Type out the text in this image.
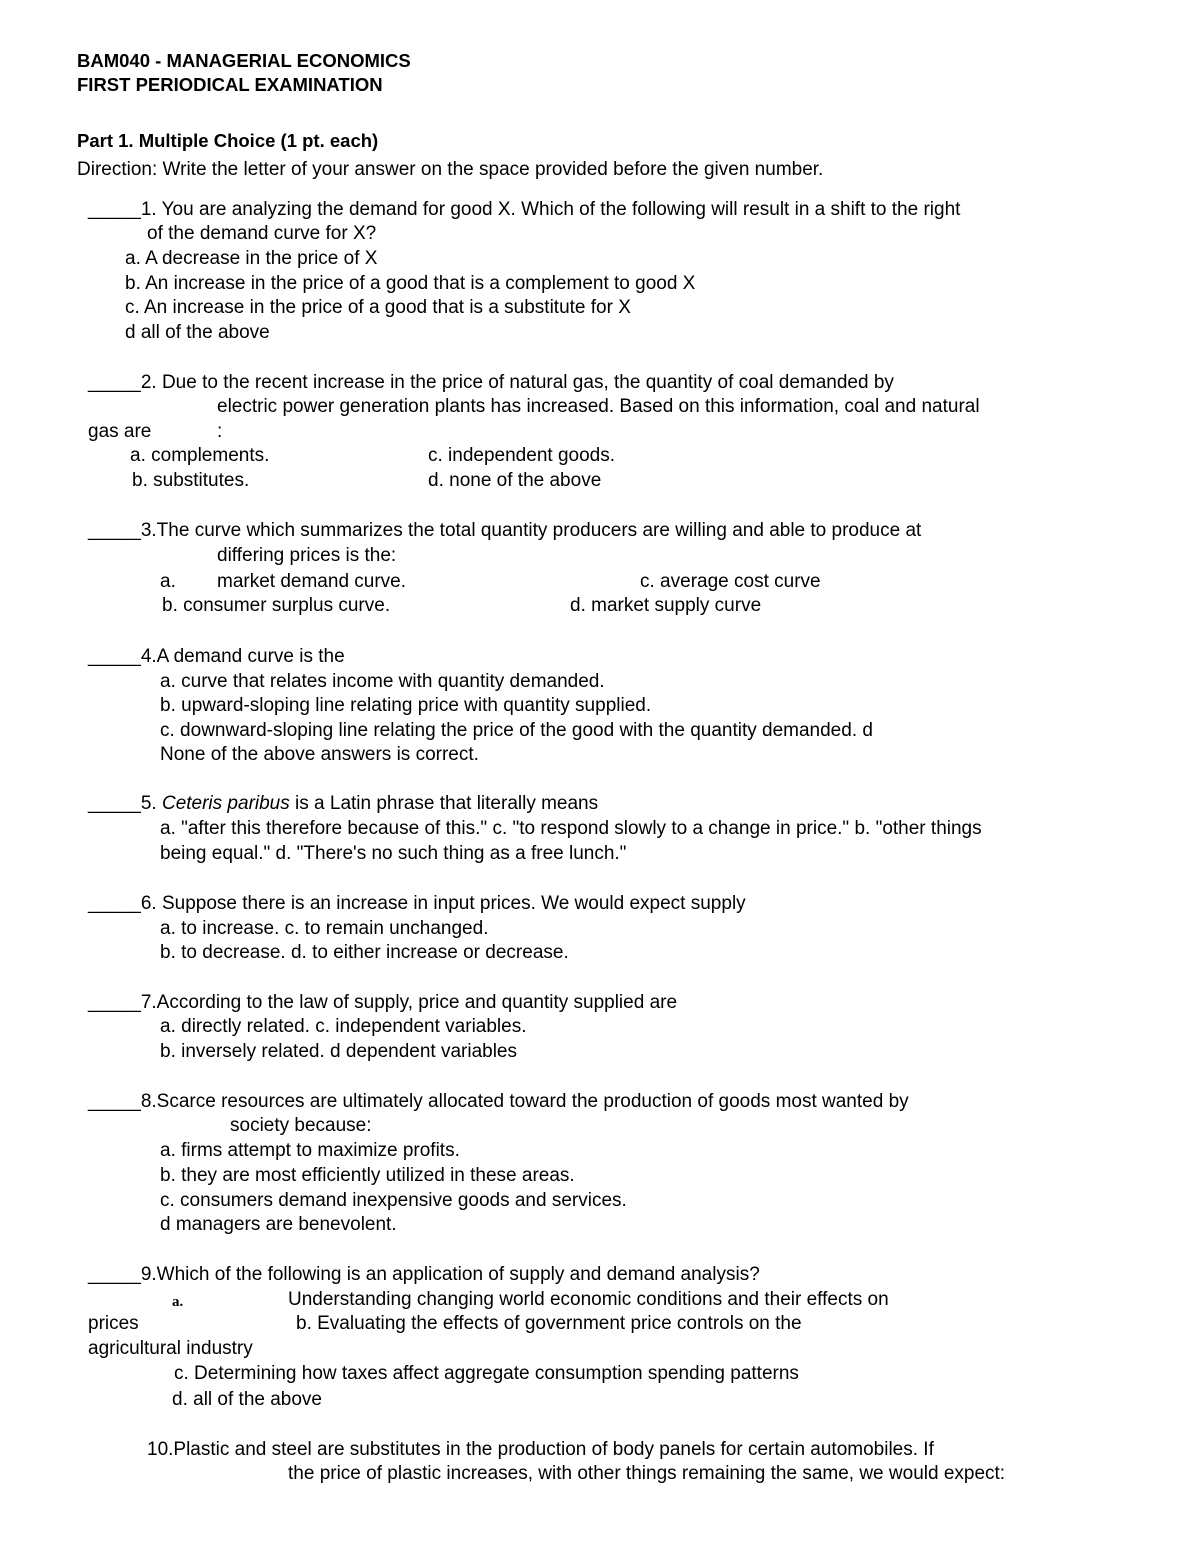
BAM040 - MANAGERIAL ECONOMICS
FIRST PERIODICAL EXAMINATION
Part 1. Multiple Choice (1 pt. each)
Direction: Write the letter of your answer on the space provided before the given number.
_____1. You are analyzing the demand for good X. Which of the following will result in a shift to the right
of the demand curve for X?
a. A decrease in the price of X
b. An increase in the price of a good that is a complement to good X
c. An increase in the price of a good that is a substitute for X
d all of the above
_____2. Due to the recent increase in the price of natural gas, the quantity of coal demanded by
electric power generation plants has increased. Based on this information, coal and natural
gas are	:
a. complements.	c. independent goods.
b. substitutes.	d. none of the above
_____3.The curve which summarizes the total quantity producers are willing and able to produce at
differing prices is the:
a. market demand curve.	c. average cost curve
b. consumer surplus curve.	d. market supply curve
_____4.A demand curve is the
a. curve that relates income with quantity demanded.
b. upward-sloping line relating price with quantity supplied.
c. downward-sloping line relating the price of the good with the quantity demanded. d
None of the above answers is correct.
_____5. Ceteris paribus is a Latin phrase that literally means
a. "after this therefore because of this." c. "to respond slowly to a change in price." b. "other things
being equal." d. "There's no such thing as a free lunch."
_____6. Suppose there is an increase in input prices. We would expect supply
a. to increase. c. to remain unchanged.
b. to decrease. d. to either increase or decrease.
_____7.According to the law of supply, price and quantity supplied are
a. directly related. c. independent variables.
b. inversely related. d dependent variables
_____8.Scarce resources are ultimately allocated toward the production of goods most wanted by
society because:
a. firms attempt to maximize profits.
b. they are most efficiently utilized in these areas.
c. consumers demand inexpensive goods and services.
d managers are benevolent.
_____9.Which of the following is an application of supply and demand analysis?
a.	Understanding changing world economic conditions and their effects on
prices	b. Evaluating the effects of government price controls on the
agricultural industry
c. Determining how taxes affect aggregate consumption spending patterns
d. all of the above
10.Plastic and steel are substitutes in the production of body panels for certain automobiles. If
the price of plastic increases, with other things remaining the same, we would expect:
